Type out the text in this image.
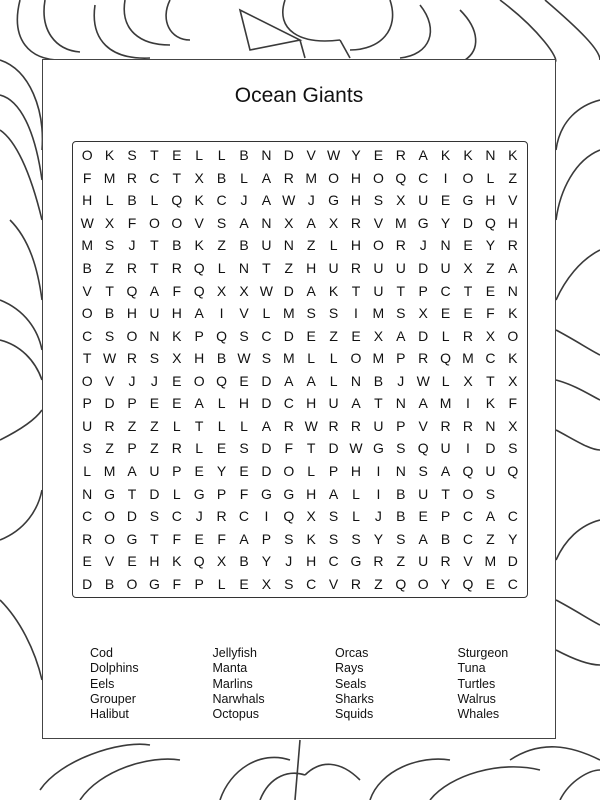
Ocean Giants
O K S T E L	L B N D V W Y E R A K K N K
F M R C T X B L A R M O H O Q C	I	O L	Z
H L B L Q K C J	A W J G H S X U E G H V
W X F O O V S A N X A X R V M G Y D Q H
M S	J	T B K Z B U N Z	L H O R J N E Y R
B Z R T R Q L N T Z H U R U U D U X Z A
V T Q A F Q X X W D A K T U T P C T E N
O B H U H A	I	V L M S S	I	M S X E E F K
C S O N K P Q S C D E Z E X A D L R X O
T W R S X H B W S M L	L O M P R Q M C K
O V	J	J	E O Q E D A A L N B	J W L X T X
P D P E E A L H D C H U A T N A M	I	K F
U R Z Z	L	T	L	L A R W R R U P V R R N X
S Z P Z R L E S D F T D W G S Q U	I	D S
L M A U P E Y E D O L P H	I	N S A Q U Q
N G T D L G P F G G H A L	I	B U T O S
C O D S C J R C	I	Q X S L	J	B E P C A C
R O G T F E F A P S K S S Y S A B C Z Y
E V E H K Q X B Y	J H C G R Z U R V M D
D B O G F P L E X S C V R Z Q O Y Q E C
Cod
Dolphins
Eels
Grouper
Halibut
Jellyfish
Manta
Marlins
Narwhals
Octopus
Orcas
Rays
Seals
Sharks
Squids
Sturgeon
Tuna
Turtles
Walrus
Whales
